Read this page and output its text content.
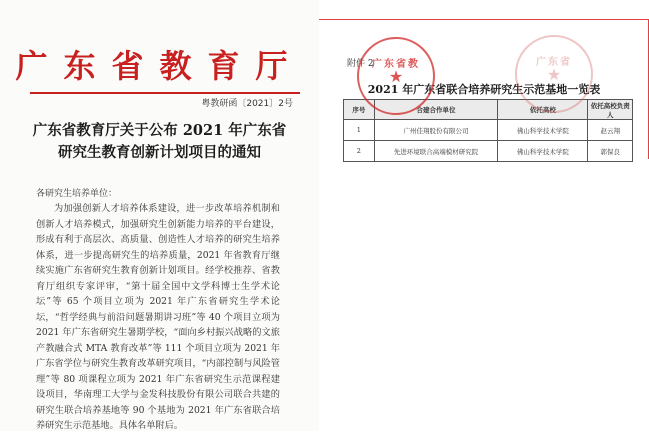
广东省教育厅
粤教研函〔2021〕2号
广东省教育厅关于公布 2021 年广东省
研究生教育创新计划项目的通知
各研究生培养单位：

为加强创新人才培养体系建设，进一步改革培养机制和创新人才培养模式，加强研究生创新能力培养的平台建设，形成有利于高层次、高质量、创造性人才培养的研究生培养体系，进一步提高研究生的培养质量，2021 年省教育厅继续实施广东省研究生教育创新计划项目。经学校推荐、省教育厅组织专家评审，“第十届全国中文学科博士生学术论坛”等 65 个项目立项为 2021 年广东省研究生学术论坛，“哲学经典与前沿问题暑期讲习班”等 40 个项目立项为 2021 年广东省研究生暑期学校，“面向乡村振兴战略的文旅产教融合式 MTA 教育改革”等 111 个项目立项为 2021 年广东省学位与研究生教育改革研究项目，“内部控制与风险管理”等 80 项课程立项为 2021 年广东省研究生示范课程建设项目，华南理工大学与金发科技股份有限公司联合共建的研究生联合培养基地等 90 个基地为 2021 年广东省联合培养研究生示范基地。具体名单附后。

附件 2
2021 年广东省联合培养研究生示范基地一览表
序号	合建合作单位	依托高校	依托高校负责人
1	广州佳翔股份有限公司	佛山科学技术学院	赵云翔
2	先进环境联合高端模材研究院	佛山科学技术学院	郭保良
广东省教
★
广东省
★
